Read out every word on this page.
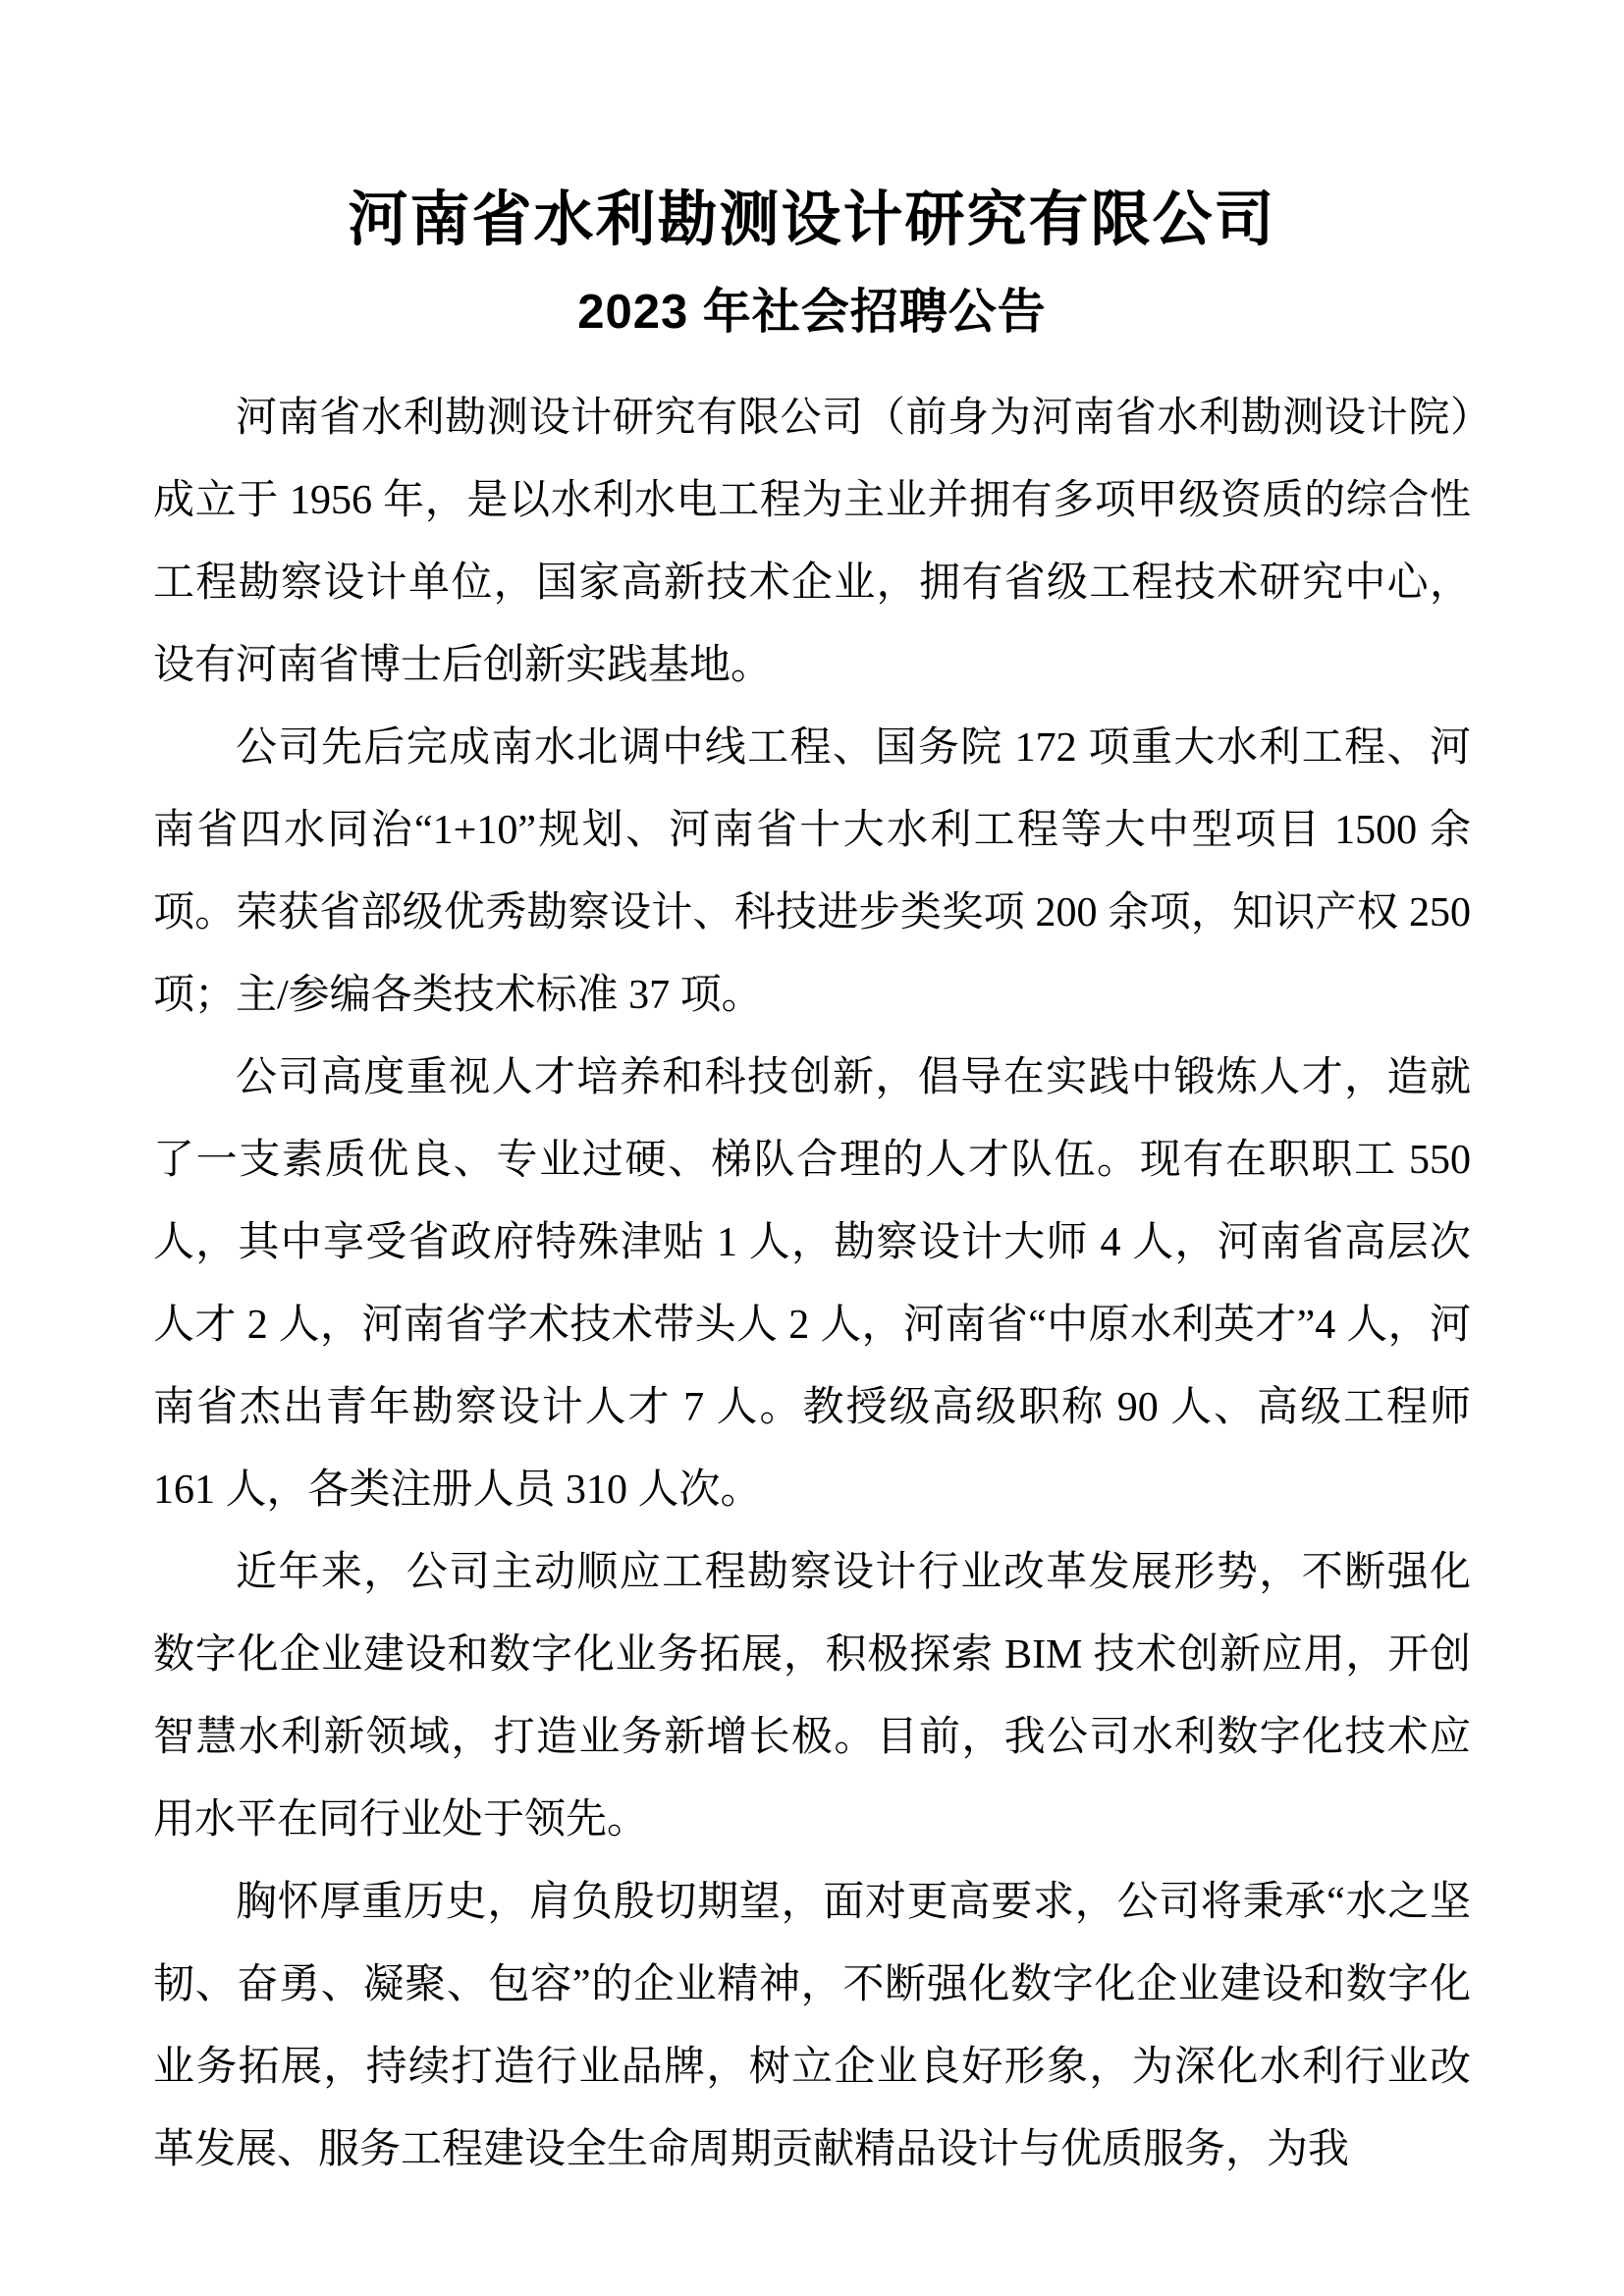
河南省水利勘测设计研究有限公司
2023 年社会招聘公告

河南省水利勘测设计研究有限公司（前身为河南省水利勘测设计院）成立于 1956 年，是以水利水电工程为主业并拥有多项甲级资质的综合性工程勘察设计单位，国家高新技术企业，拥有省级工程技术研究中心，设有河南省博士后创新实践基地。

公司先后完成南水北调中线工程、国务院 172 项重大水利工程、河南省四水同治“1+10”规划、河南省十大水利工程等大中型项目 1500 余项。荣获省部级优秀勘察设计、科技进步类奖项 200 余项，知识产权 250 项；主/参编各类技术标准 37 项。

公司高度重视人才培养和科技创新，倡导在实践中锻炼人才，造就了一支素质优良、专业过硬、梯队合理的人才队伍。现有在职职工 550 人，其中享受省政府特殊津贴 1 人，勘察设计大师 4 人，河南省高层次人才 2 人，河南省学术技术带头人 2 人，河南省“中原水利英才”4 人，河南省杰出青年勘察设计人才 7 人。教授级高级职称 90 人、高级工程师 161 人，各类注册人员 310 人次。

近年来，公司主动顺应工程勘察设计行业改革发展形势，不断强化数字化企业建设和数字化业务拓展，积极探索 BIM 技术创新应用，开创智慧水利新领域，打造业务新增长极。目前，我公司水利数字化技术应用水平在同行业处于领先。

胸怀厚重历史，肩负殷切期望，面对更高要求，公司将秉承“水之坚韧、奋勇、凝聚、包容”的企业精神，不断强化数字化企业建设和数字化业务拓展，持续打造行业品牌，树立企业良好形象，为深化水利行业改革发展、服务工程建设全生命周期贡献精品设计与优质服务，为我
